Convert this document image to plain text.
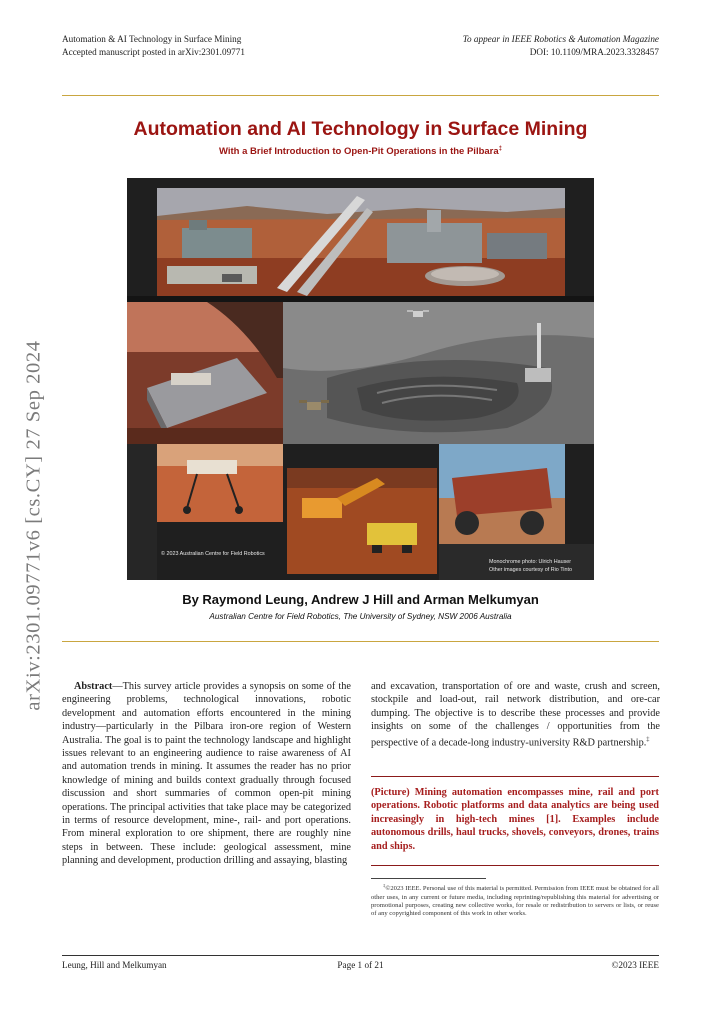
Automation & AI Technology in Surface Mining
Accepted manuscript posted in arXiv:2301.09771
To appear in IEEE Robotics & Automation Magazine
DOI: 10.1109/MRA.2023.3328457
Automation and AI Technology in Surface Mining
With a Brief Introduction to Open-Pit Operations in the Pilbara‡
© 2023 Australian Centre for Field Robotics
Monochrome photo: Ulrich Hauser
Other images courtesy of Rio Tinto
By Raymond Leung, Andrew J Hill and Arman Melkumyan
Australian Centre for Field Robotics, The University of Sydney, NSW 2006 Australia
arXiv:2301.09771v6 [cs.CY] 27 Sep 2024	Abstract—This survey article provides a synopsis on some of the engineering problems, technological innovations, robotic development and automation efforts encountered in the mining industry—particularly in the Pilbara iron-ore region of Western Australia. The goal is to paint the technology landscape and highlight issues relevant to an engineering audience to raise awareness of AI and automation trends in mining. It assumes the reader has no prior knowledge of mining and builds context gradually through focused discussion and short summaries of common open-pit mining operations. The principal activities that take place may be categorized in terms of resource development, mine-, rail- and port operations. From mineral exploration to ore shipment, there are roughly nine steps in between. These include: geological assessment, mine planning and development, production drilling and assaying, blasting

and excavation, transportation of ore and waste, crush and screen, stockpile and load-out, rail network distribution, and ore-car dumping. The objective is to describe these processes and provide insights on some of the challenges / opportunities from the perspective of a decade-long industry-university R&D partnership.‡

(Picture) Mining automation encompasses mine, rail and port operations. Robotic platforms and data analytics are being used increasingly in high-tech mines [1]. Examples include autonomous drills, haul trucks, shovels, conveyors, drones, trains and ships.

‡©2023 IEEE. Personal use of this material is permitted. Permission from IEEE must be obtained for all other uses, in any current or future media, including reprinting/republishing this material for advertising or promotional purposes, creating new collective works, for resale or redistribution to servers or lists, or reuse of any copyrighted component of this work in other works.

Leung, Hill and Melkumyan	Page 1 of 21	©2023 IEEE
